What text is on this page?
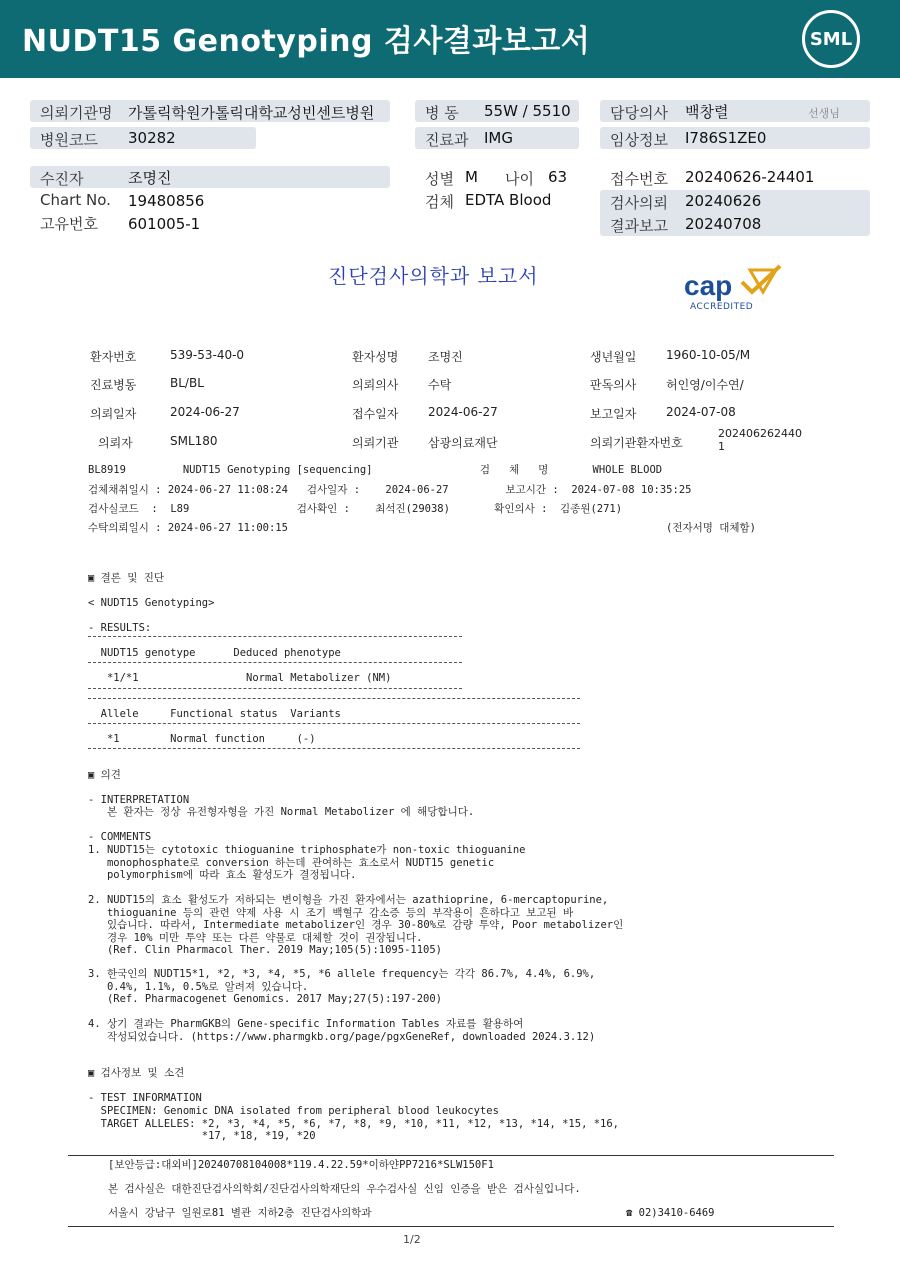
NUDT15 Genotyping 검사결과보고서	SML
의뢰기관명 가톨릭학원가톨릭대학교성빈센트병원
병원코드 30282
병 동 55W / 5510
진료과 IMG
담당의사 백창렬	선생님
임상정보 I786S1ZE0
수진자	조명진
Chart No. 19480856
고유번호 601005-1
성별 M 나이 63
검체 EDTA Blood
접수번호 20240626-24401
검사의뢰 20240626
결과보고 20240708
진단검사의학과 보고서	cap
ACCREDITED
환자번호	539-53-40-0	환자성명 조명진	생년월일 1960-10-05/M
진료병동	BL/BL	의뢰의사 수탁	판독의사 허인영/이수연/
의뢰일자	2024-06-27	접수일자 2024-06-27	보고일자 2024-07-08
의뢰자	SML180	의뢰기관 삼광의료재단	의뢰기관환자번호
202406262440
1
BL8919         NUDT15 Genotyping [sequencing]                 검   체   명       WHOLE BLOOD
검체채취일시 : 2024-06-27 11:08:24   검사일자 :    2024-06-27         보고시간 :  2024-07-08 10:35:25
검사실코드  :  L89                 검사확인 :    최석진(29038)       확인의사 :  김종원(271)
수탁의뢰일시 : 2024-06-27 11:00:15	(전자서명 대체함)
▣ 결론 및 진단
< NUDT15 Genotyping>
- RESULTS:
NUDT15 genotype      Deduced phenotype
*1/*1                 Normal Metabolizer (NM)
Allele     Functional status  Variants
*1        Normal function     (-)
▣ 의견
- INTERPRETATION
본 환자는 정상 유전형자형을 가진 Normal Metabolizer 에 해당합니다.
- COMMENTS
1. NUDT15는 cytotoxic thioguanine triphosphate가 non-toxic thioguanine
monophosphate로 conversion 하는데 관여하는 효소로서 NUDT15 genetic
polymorphism에 따라 효소 활성도가 결정됩니다.
2. NUDT15의 효소 활성도가 저하되는 변이형을 가진 환자에서는 azathioprine, 6-mercaptopurine,
thioguanine 등의 관련 약제 사용 시 조기 백혈구 감소증 등의 부작용이 흔하다고 보고된 바
있습니다. 따라서, Intermediate metabolizer인 경우 30-80%로 감량 투약, Poor metabolizer인
경우 10% 미만 투약 또는 다른 약물로 대체할 것이 권장됩니다.
(Ref. Clin Pharmacol Ther. 2019 May;105(5):1095-1105)
3. 한국인의 NUDT15*1, *2, *3, *4, *5, *6 allele frequency는 각각 86.7%, 4.4%, 6.9%,
0.4%, 1.1%, 0.5%로 알려져 있습니다.
(Ref. Pharmacogenet Genomics. 2017 May;27(5):197-200)
4. 상기 결과는 PharmGKB의 Gene-specific Information Tables 자료를 활용하여
작성되었습니다. (https://www.pharmgkb.org/page/pgxGeneRef, downloaded 2024.3.12)
▣ 검사정보 및 소견
- TEST INFORMATION
SPECIMEN: Genomic DNA isolated from peripheral blood leukocytes
TARGET ALLELES: *2, *3, *4, *5, *6, *7, *8, *9, *10, *11, *12, *13, *14, *15, *16,
*17, *18, *19, *20
[보안등급:대외비]20240708104008*119.4.22.59*이하얀PP7216*SLW150F1
본 검사실은 대한진단검사의학회/진단검사의학재단의 우수검사실 신임 인증을 받은 검사실입니다.
서울시 강남구 일원로81 별관 지하2층 진단검사의학과	☎ 02)3410-6469
1/2
